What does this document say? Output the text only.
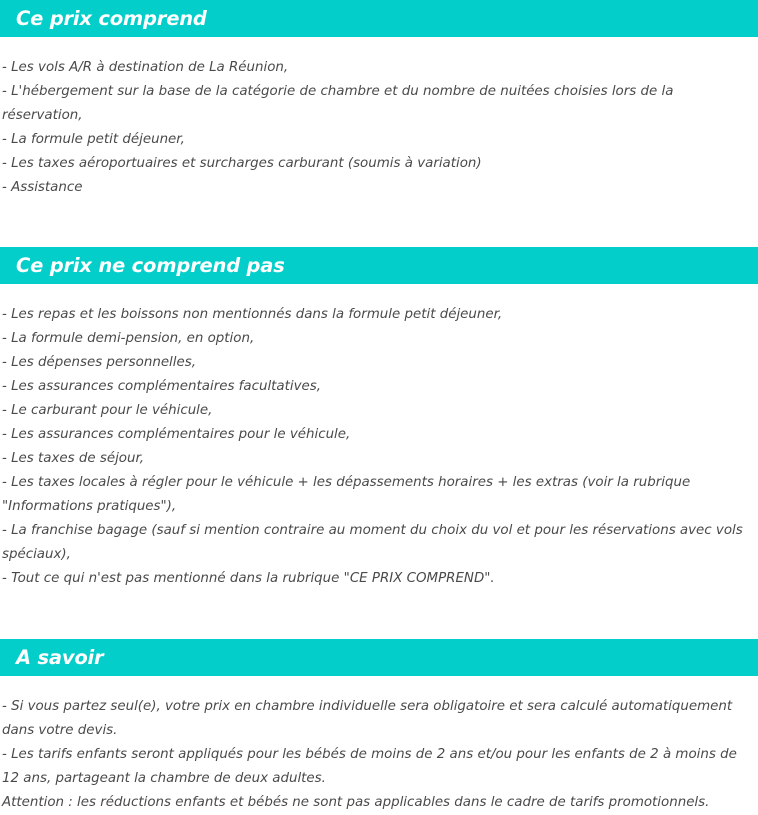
Ce prix comprend

- Les vols A/R à destination de La Réunion,

- L'hébergement sur la base de la catégorie de chambre et du nombre de nuitées choisies lors de la réservation,

- La formule petit déjeuner,

- Les taxes aéroportuaires et surcharges carburant (soumis à variation)

- Assistance

Ce prix ne comprend pas

- Les repas et les boissons non mentionnés dans la formule petit déjeuner,

- La formule demi-pension, en option,

- Les dépenses personnelles,

- Les assurances complémentaires facultatives,

- Le carburant pour le véhicule,

- Les assurances complémentaires pour le véhicule,

- Les taxes de séjour,

- Les taxes locales à régler pour le véhicule + les dépassements horaires + les extras (voir la rubrique "Informations pratiques"),

- La franchise bagage (sauf si mention contraire au moment du choix du vol et pour les réservations avec vols spéciaux),

- Tout ce qui n'est pas mentionné dans la rubrique "CE PRIX COMPREND".

A savoir

- Si vous partez seul(e), votre prix en chambre individuelle sera obligatoire et sera calculé automatiquement dans votre devis.

- Les tarifs enfants seront appliqués pour les bébés de moins de 2 ans et/ou pour les enfants de 2 à moins de 12 ans, partageant la chambre de deux adultes.

Attention : les réductions enfants et bébés ne sont pas applicables dans le cadre de tarifs promotionnels.
